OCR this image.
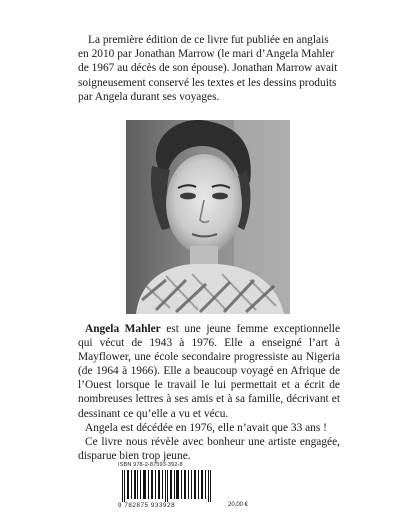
La première édition de ce livre fut publiée en anglais en 2010 par Jonathan Marrow (le mari d’Angela Mahler de 1967 au décès de son épouse). Jonathan Marrow avait soigneusement conservé les textes et les dessins produits par Angela durant ses voyages.

Angela Mahler est une jeune femme exceptionnelle qui vécut de 1943 à 1976. Elle a enseigné l’art à Mayflower, une école secondaire progressiste au Nigeria (de 1964 à 1966). Elle a beaucoup voyagé en Afrique de l’Ouest lorsque le travail le lui permettait et a écrit de nombreuses lettres à ses amis et à sa famille, décrivant et dessinant ce qu’elle a vu et vécu.

Angela est décédée en 1976, elle n’avait que 33 ans !

Ce livre nous révèle avec bonheur une artiste engagée, disparue bien trop jeune.

ISBN 978-2-87593-392-8
9 782875 933928	20,00 €
